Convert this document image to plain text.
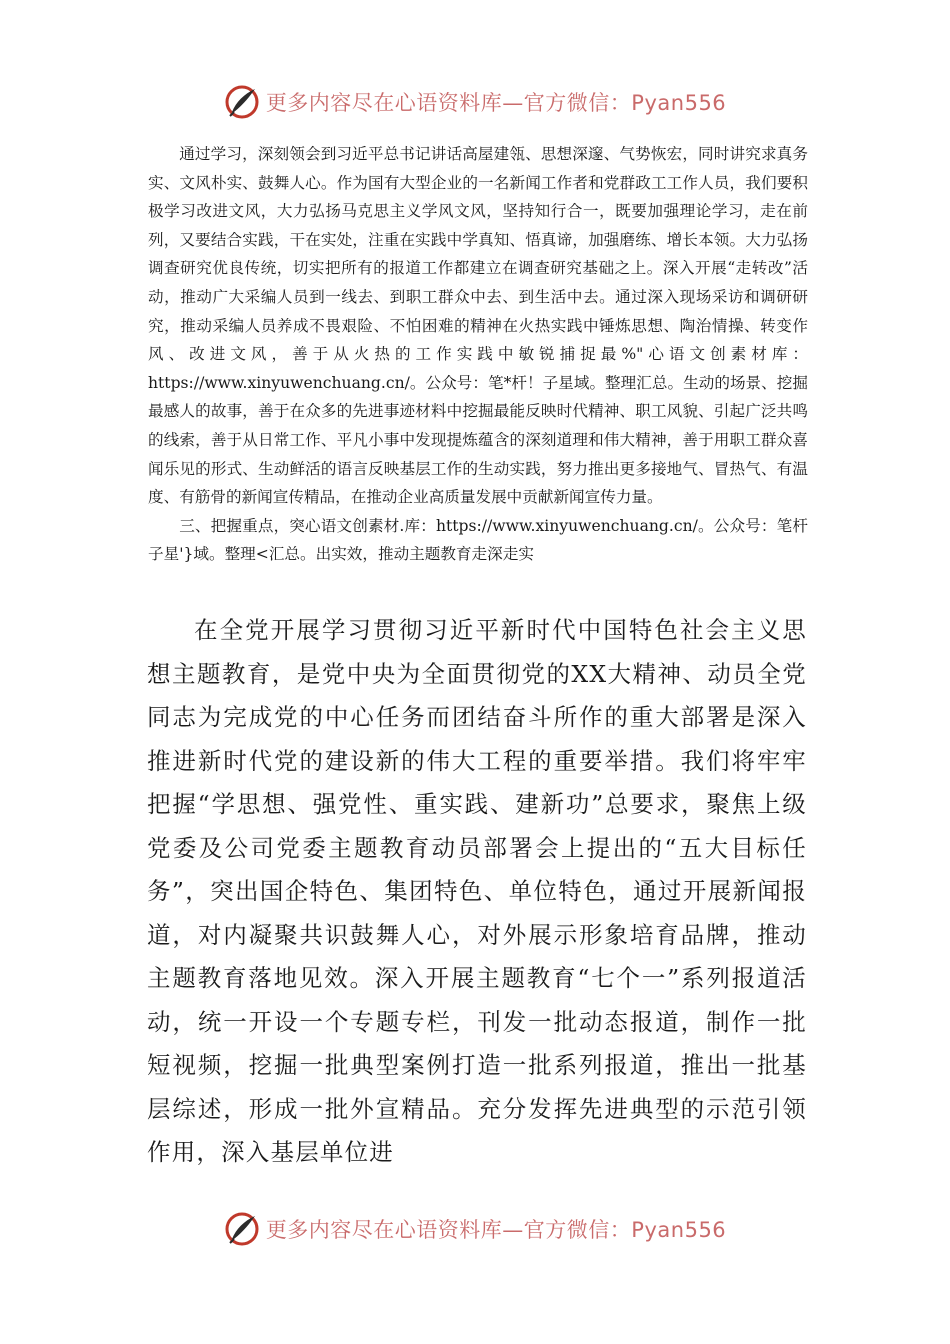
更多内容尽在心语资料库—官方微信：Pyan556

通过学习，深刻领会到习近平总书记讲话高屋建瓴、思想深邃、气势恢宏，同时讲究求真务实、文风朴实、鼓舞人心。作为国有大型企业的一名新闻工作者和党群政工工作人员，我们要积极学习改进文风，大力弘扬马克思主义学风文风，坚持知行合一，既要加强理论学习，走在前列，又要结合实践，干在实处，注重在实践中学真知、悟真谛，加强磨练、增长本领。大力弘扬调查研究优良传统，切实把所有的报道工作都建立在调查研究基础之上。深入开展“走转改”活动，推动广大采编人员到一线去、到职工群众中去、到生活中去。通过深入现场采访和调研研究，推动采编人员养成不畏艰险、不怕困难的精神在火热实践中锤炼思想、陶治情操、转变作风、改进文风，善于从火热的工作实践中敏锐捕捉最%"心语文创素材库：https://www.xinyuwenchuang.cn/。公众号：笔*杆！子星域。整理汇总。生动的场景、挖掘最感人的故事，善于在众多的先进事迹材料中挖掘最能反映时代精神、职工风貌、引起广泛共鸣的线索，善于从日常工作、平凡小事中发现提炼蕴含的深刻道理和伟大精神，善于用职工群众喜闻乐见的形式、生动鲜活的语言反映基层工作的生动实践，努力推出更多接地气、冒热气、有温度、有筋骨的新闻宣传精品，在推动企业高质量发展中贡献新闻宣传力量。

三、把握重点，突心语文创素材.库：https://www.xinyuwenchuang.cn/。公众号：笔杆子星'}域。整理<汇总。出实效，推动主题教育走深走实

在全党开展学习贯彻习近平新时代中国特色社会主义思想主题教育，是党中央为全面贯彻党的XX大精神、动员全党同志为完成党的中心任务而团结奋斗所作的重大部署是深入推进新时代党的建设新的伟大工程的重要举措。我们将牢牢把握“学思想、强党性、重实践、建新功”总要求，聚焦上级党委及公司党委主题教育动员部署会上提出的“五大目标任务”，突出国企特色、集团特色、单位特色，通过开展新闻报道，对内凝聚共识鼓舞人心，对外展示形象培育品牌，推动主题教育落地见效。深入开展主题教育“七个一”系列报道活动，统一开设一个专题专栏，刊发一批动态报道，制作一批短视频，挖掘一批典型案例打造一批系列报道，推出一批基层综述，形成一批外宣精品。充分发挥先进典型的示范引领作用，深入基层单位进

更多内容尽在心语资料库—官方微信：Pyan556
